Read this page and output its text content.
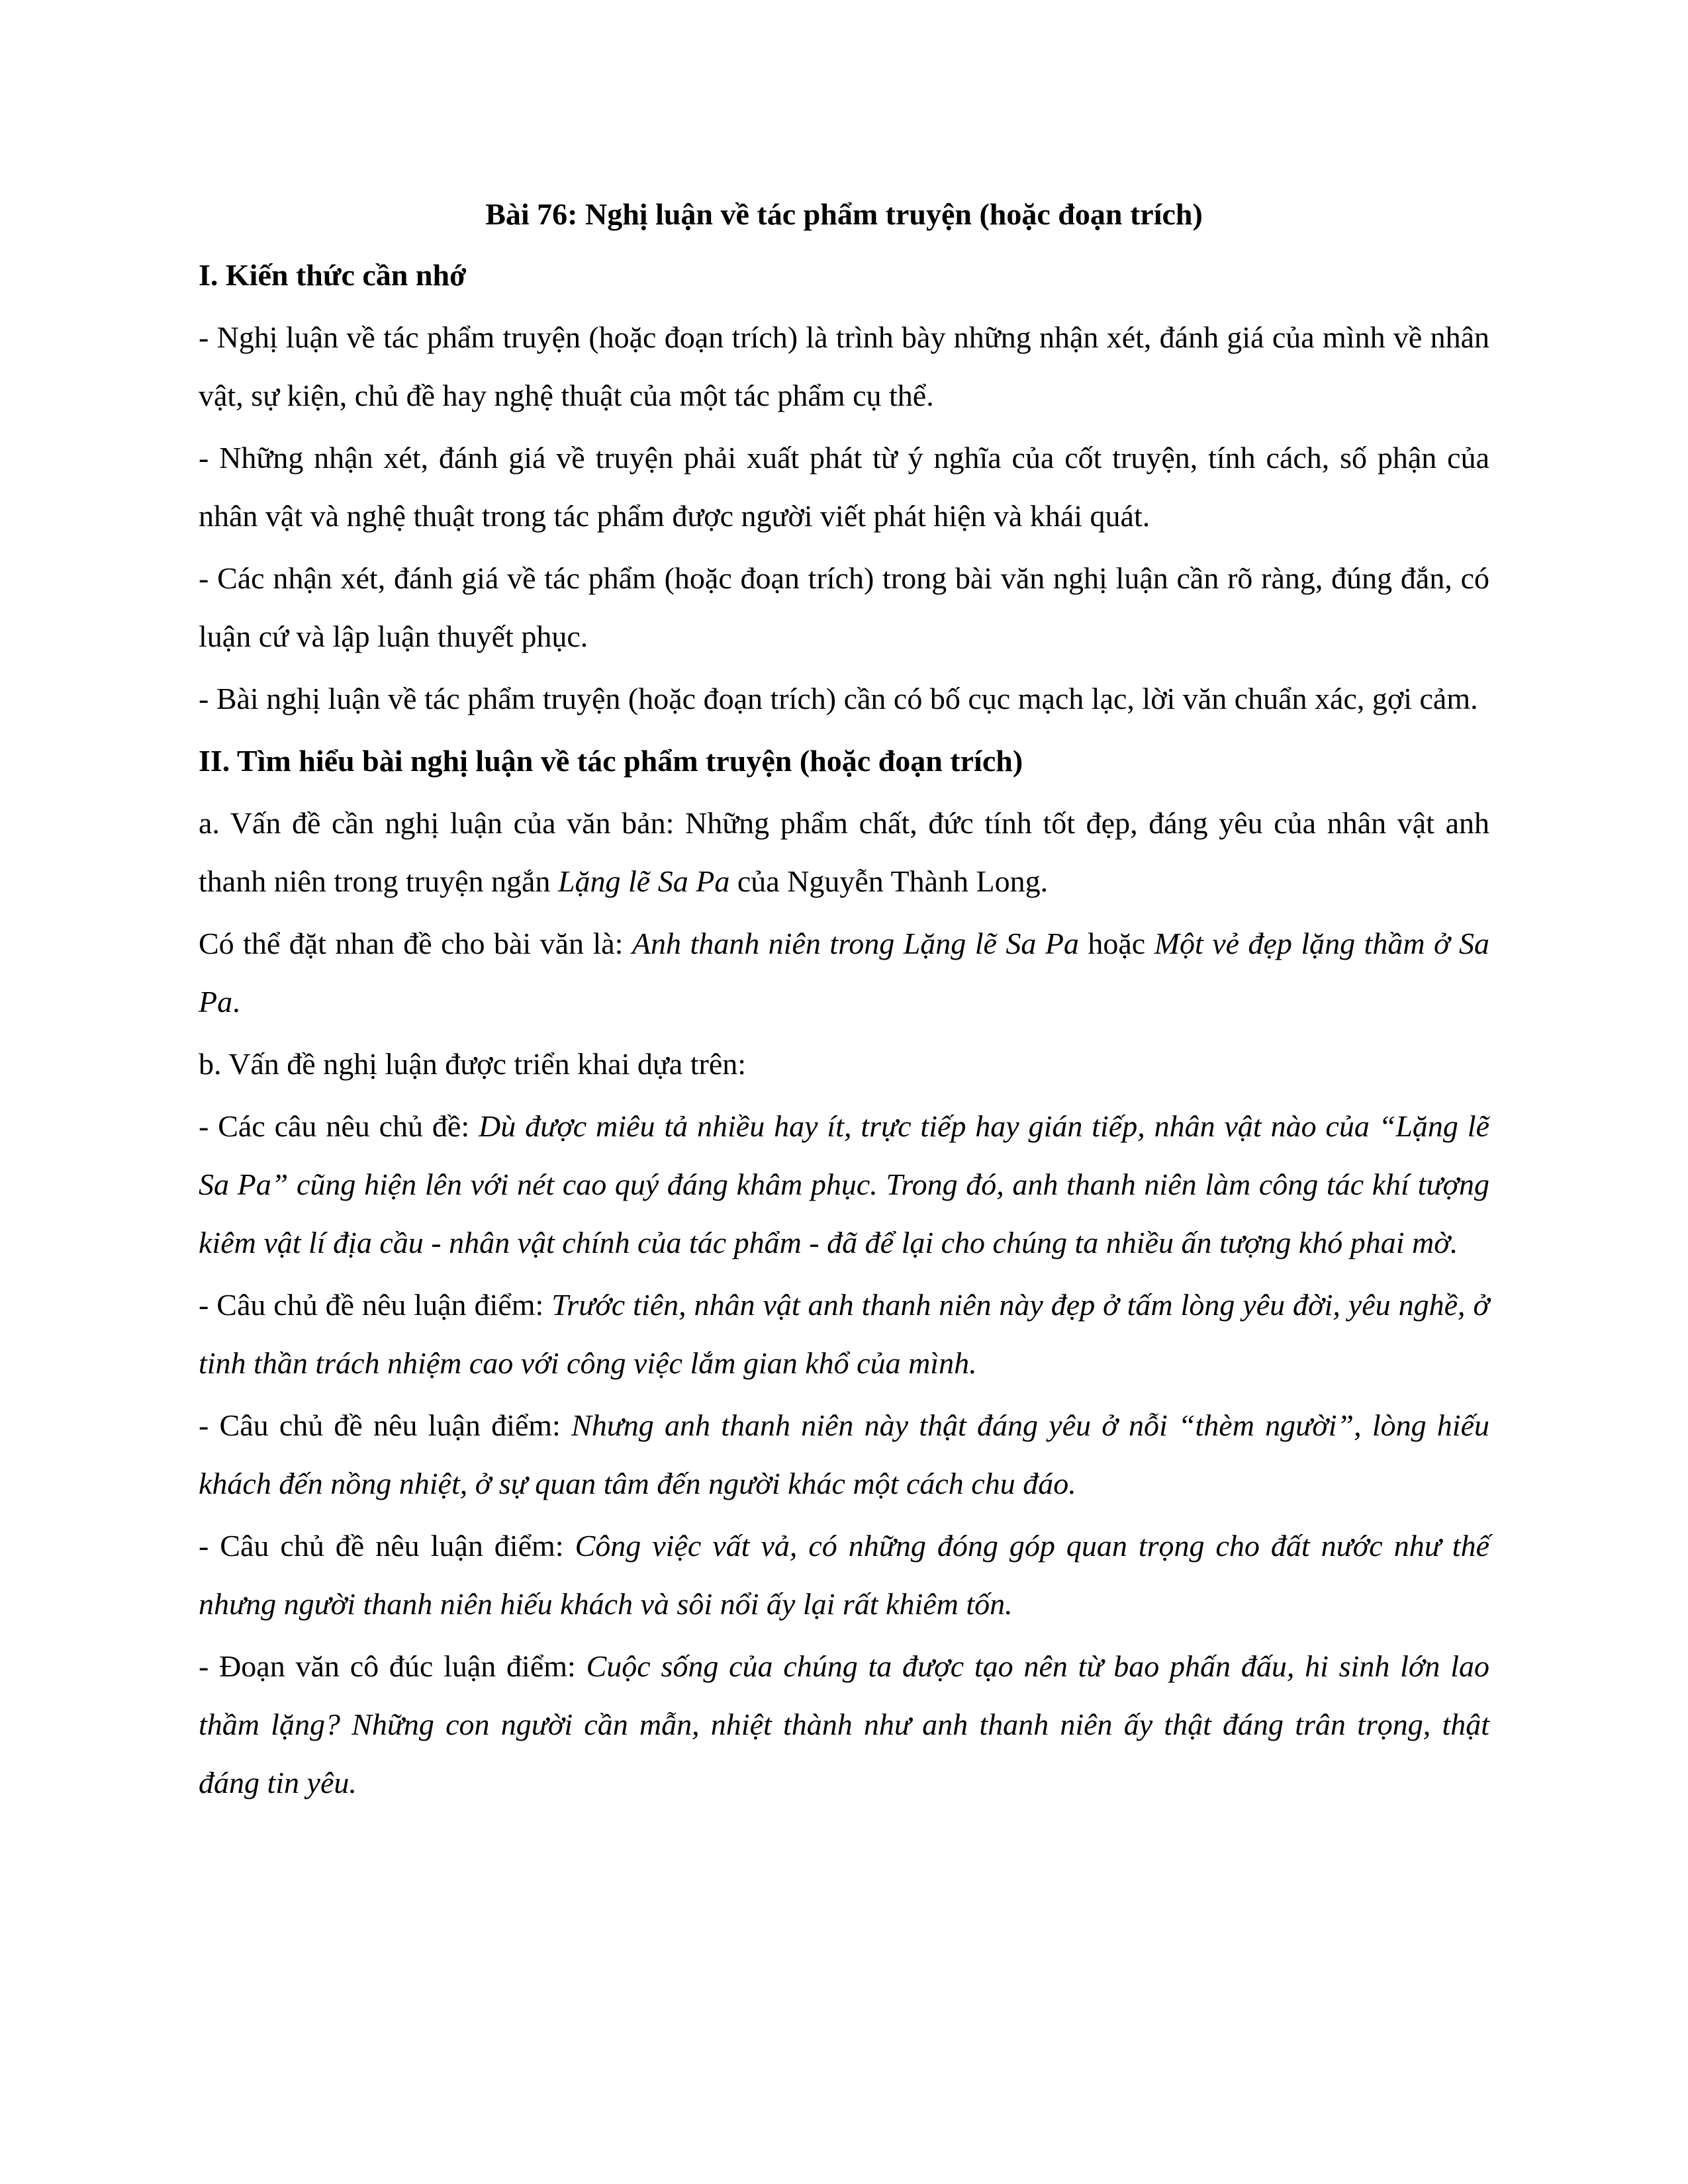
Bài 76: Nghị luận về tác phẩm truyện (hoặc đoạn trích)

I. Kiến thức cần nhớ

- Nghị luận về tác phẩm truyện (hoặc đoạn trích) là trình bày những nhận xét, đánh giá của mình về nhân vật, sự kiện, chủ đề hay nghệ thuật của một tác phẩm cụ thể.

- Những nhận xét, đánh giá về truyện phải xuất phát từ ý nghĩa của cốt truyện, tính cách, số phận của nhân vật và nghệ thuật trong tác phẩm được người viết phát hiện và khái quát.

- Các nhận xét, đánh giá về tác phẩm (hoặc đoạn trích) trong bài văn nghị luận cần rõ ràng, đúng đắn, có luận cứ và lập luận thuyết phục.

- Bài nghị luận về tác phẩm truyện (hoặc đoạn trích) cần có bố cục mạch lạc, lời văn chuẩn xác, gợi cảm.

II. Tìm hiểu bài nghị luận về tác phẩm truyện (hoặc đoạn trích)

a. Vấn đề cần nghị luận của văn bản: Những phẩm chất, đức tính tốt đẹp, đáng yêu của nhân vật anh thanh niên trong truyện ngắn Lặng lẽ Sa Pa của Nguyễn Thành Long.

Có thể đặt nhan đề cho bài văn là: Anh thanh niên trong Lặng lẽ Sa Pa hoặc Một vẻ đẹp lặng thầm ở Sa Pa.

b. Vấn đề nghị luận được triển khai dựa trên:

- Các câu nêu chủ đề: Dù được miêu tả nhiều hay ít, trực tiếp hay gián tiếp, nhân vật nào của “Lặng lẽ Sa Pa” cũng hiện lên với nét cao quý đáng khâm phục. Trong đó, anh thanh niên làm công tác khí tượng kiêm vật lí địa cầu - nhân vật chính của tác phẩm - đã để lại cho chúng ta nhiều ấn tượng khó phai mờ.

- Câu chủ đề nêu luận điểm: Trước tiên, nhân vật anh thanh niên này đẹp ở tấm lòng yêu đời, yêu nghề, ở tinh thần trách nhiệm cao với công việc lắm gian khổ của mình.

- Câu chủ đề nêu luận điểm: Nhưng anh thanh niên này thật đáng yêu ở nỗi “thèm người”, lòng hiếu khách đến nồng nhiệt, ở sự quan tâm đến người khác một cách chu đáo.

- Câu chủ đề nêu luận điểm: Công việc vất vả, có những đóng góp quan trọng cho đất nước như thế nhưng người thanh niên hiếu khách và sôi nổi ấy lại rất khiêm tốn.

- Đoạn văn cô đúc luận điểm: Cuộc sống của chúng ta được tạo nên từ bao phấn đấu, hi sinh lớn lao thầm lặng? Những con người cần mẫn, nhiệt thành như anh thanh niên ấy thật đáng trân trọng, thật đáng tin yêu.
